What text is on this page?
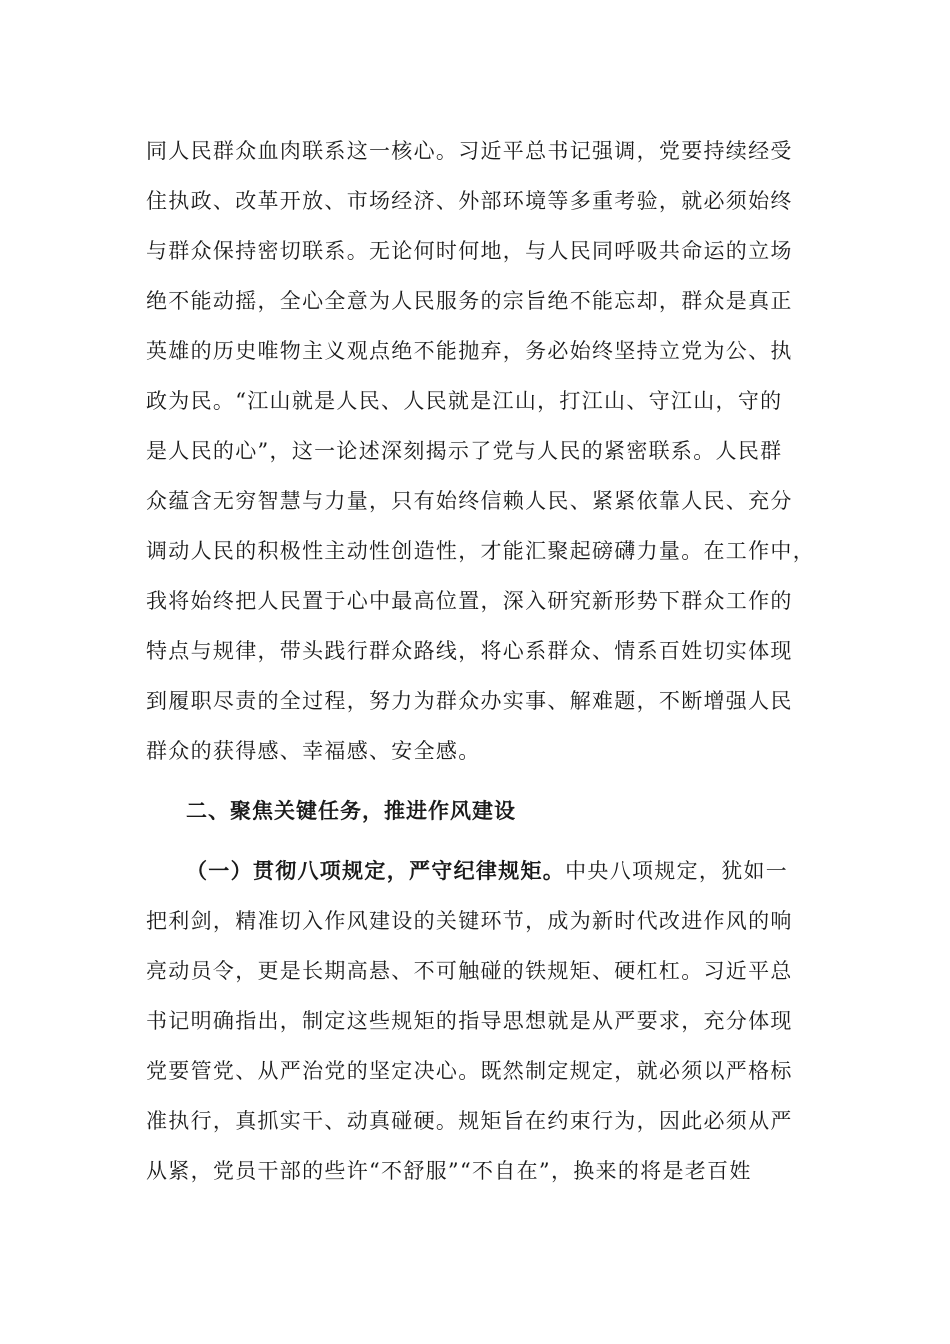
同人民群众血肉联系这一核心。习近平总书记强调，党要持续经受
住执政、改革开放、市场经济、外部环境等多重考验，就必须始终
与群众保持密切联系。无论何时何地，与人民同呼吸共命运的立场
绝不能动摇，全心全意为人民服务的宗旨绝不能忘却，群众是真正
英雄的历史唯物主义观点绝不能抛弃，务必始终坚持立党为公、执
政为民。“江山就是人民、人民就是江山，打江山、守江山，守的
是人民的心”，这一论述深刻揭示了党与人民的紧密联系。人民群
众蕴含无穷智慧与力量，只有始终信赖人民、紧紧依靠人民、充分
调动人民的积极性主动性创造性，才能汇聚起磅礴力量。在工作中，
我将始终把人民置于心中最高位置，深入研究新形势下群众工作的
特点与规律，带头践行群众路线，将心系群众、情系百姓切实体现
到履职尽责的全过程，努力为群众办实事、解难题，不断增强人民
群众的获得感、幸福感、安全感。
二、聚焦关键任务，推进作风建设
（一）贯彻八项规定，严守纪律规矩。中央八项规定，犹如一
把利剑，精准切入作风建设的关键环节，成为新时代改进作风的响
亮动员令，更是长期高悬、不可触碰的铁规矩、硬杠杠。习近平总
书记明确指出，制定这些规矩的指导思想就是从严要求，充分体现
党要管党、从严治党的坚定决心。既然制定规定，就必须以严格标
准执行，真抓实干、动真碰硬。规矩旨在约束行为，因此必须从严
从紧，党员干部的些许“不舒服”“不自在”，换来的将是老百姓
